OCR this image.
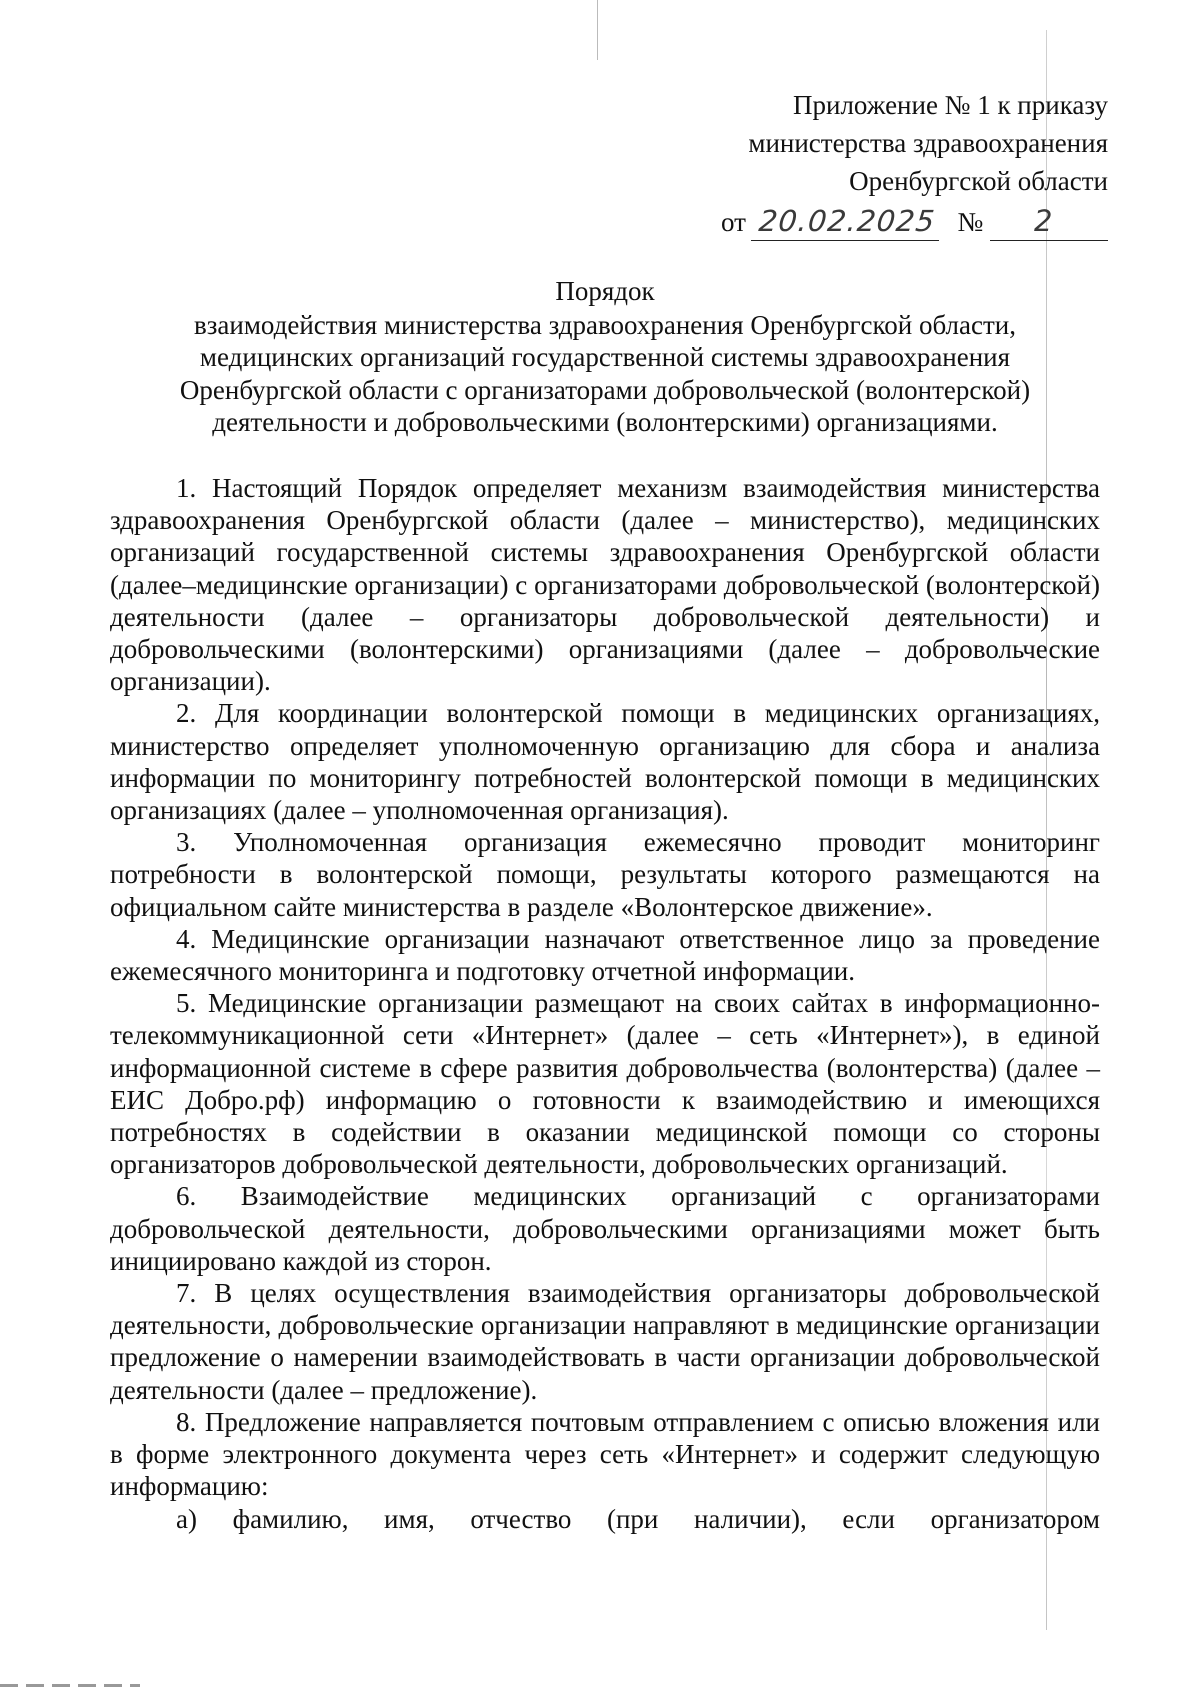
Приложение № 1 к приказу
министерства здравоохранения
Оренбургской области
от 20.02.2025 № 2
Порядок
взаимодействия министерства здравоохранения Оренбургской области,
медицинских организаций государственной системы здравоохранения
Оренбургской области с организаторами добровольческой (волонтерской)
деятельности и добровольческими (волонтерскими) организациями.

1. Настоящий Порядок определяет механизм взаимодействия министерства здравоохранения Оренбургской области (далее – министерство), медицинских организаций государственной системы здравоохранения Оренбургской области (далее–медицинские организации) с организаторами добровольческой (волонтерской) деятельности (далее – организаторы добровольческой деятельности) и добровольческими (волонтерскими) организациями (далее – добровольческие организации).

2. Для координации волонтерской помощи в медицинских организациях, министерство определяет уполномоченную организацию для сбора и анализа информации по мониторингу потребностей волонтерской помощи в медицинских организациях (далее – уполномоченная организация).

3. Уполномоченная организация ежемесячно проводит мониторинг потребности в волонтерской помощи, результаты которого размещаются на официальном сайте министерства в разделе «Волонтерское движение».

4. Медицинские организации назначают ответственное лицо за проведение ежемесячного мониторинга и подготовку отчетной информации.

5. Медицинские организации размещают на своих сайтах в информационно-телекоммуникационной сети «Интернет» (далее – сеть «Интернет»), в единой информационной системе в сфере развития добровольчества (волонтерства) (далее – ЕИС Добро.рф) информацию о готовности к взаимодействию и имеющихся потребностях в содействии в оказании медицинской помощи со стороны организаторов добровольческой деятельности, добровольческих организаций.

6. Взаимодействие медицинских организаций с организаторами добровольческой деятельности, добровольческими организациями может быть инициировано каждой из сторон.

7. В целях осуществления взаимодействия организаторы добровольческой деятельности, добровольческие организации направляют в медицинские организации предложение о намерении взаимодействовать в части организации добровольческой деятельности (далее – предложение).

8. Предложение направляется почтовым отправлением с описью вложения или в форме электронного документа через сеть «Интернет» и содержит следующую информацию:

а) фамилию, имя, отчество (при наличии), если организатором
